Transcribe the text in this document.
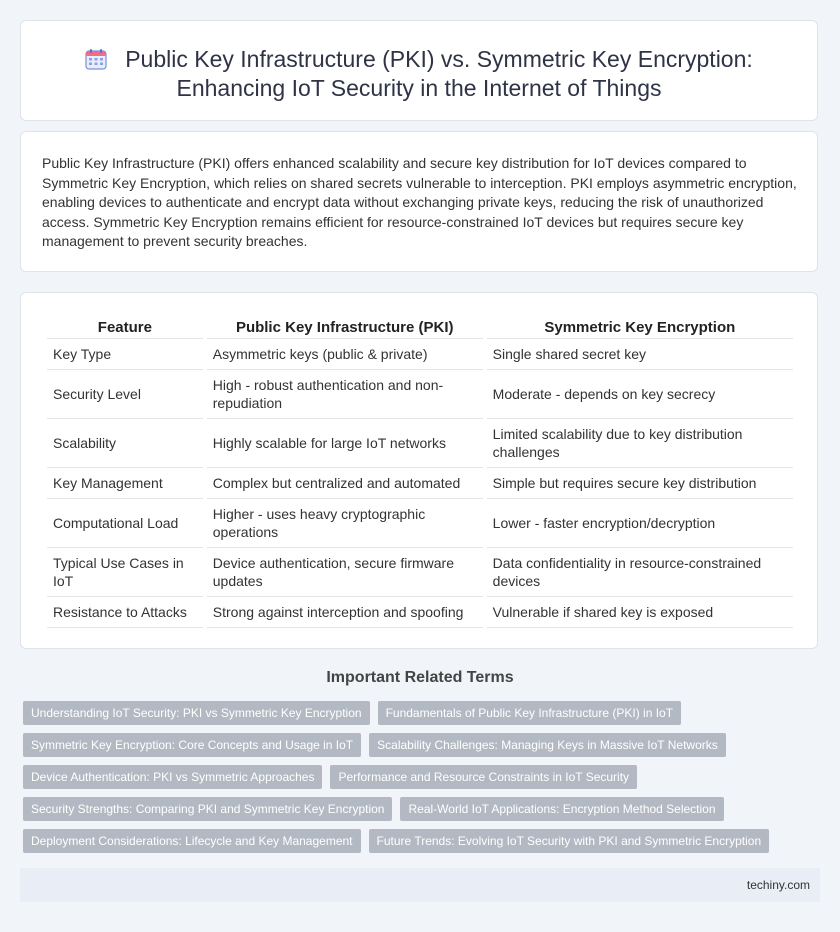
Public Key Infrastructure (PKI) vs. Symmetric Key Encryption:
Enhancing IoT Security in the Internet of Things

Public Key Infrastructure (PKI) offers enhanced scalability and secure key distribution for IoT devices compared to Symmetric Key Encryption, which relies on shared secrets vulnerable to interception. PKI employs asymmetric encryption, enabling devices to authenticate and encrypt data without exchanging private keys, reducing the risk of unauthorized access. Symmetric Key Encryption remains efficient for resource-constrained IoT devices but requires secure key management to prevent security breaches.

Feature	Public Key Infrastructure (PKI)	Symmetric Key Encryption
Key Type	Asymmetric keys (public & private)	Single shared secret key
Security Level	High - robust authentication and non-repudiation	Moderate - depends on key secrecy
Scalability	Highly scalable for large IoT networks	Limited scalability due to key distribution challenges
Key Management	Complex but centralized and automated	Simple but requires secure key distribution
Computational Load	Higher - uses heavy cryptographic operations	Lower - faster encryption/decryption
Typical Use Cases in IoT	Device authentication, secure firmware updates	Data confidentiality in resource-constrained devices
Resistance to Attacks	Strong against interception and spoofing	Vulnerable if shared key is exposed
Important Related Terms
Understanding IoT Security: PKI vs Symmetric Key Encryption	Fundamentals of Public Key Infrastructure (PKI) in IoT
Symmetric Key Encryption: Core Concepts and Usage in IoT	Scalability Challenges: Managing Keys in Massive IoT Networks
Device Authentication: PKI vs Symmetric Approaches	Performance and Resource Constraints in IoT Security
Security Strengths: Comparing PKI and Symmetric Key Encryption	Real-World IoT Applications: Encryption Method Selection
Deployment Considerations: Lifecycle and Key Management	Future Trends: Evolving IoT Security with PKI and Symmetric Encryption
techiny.com
